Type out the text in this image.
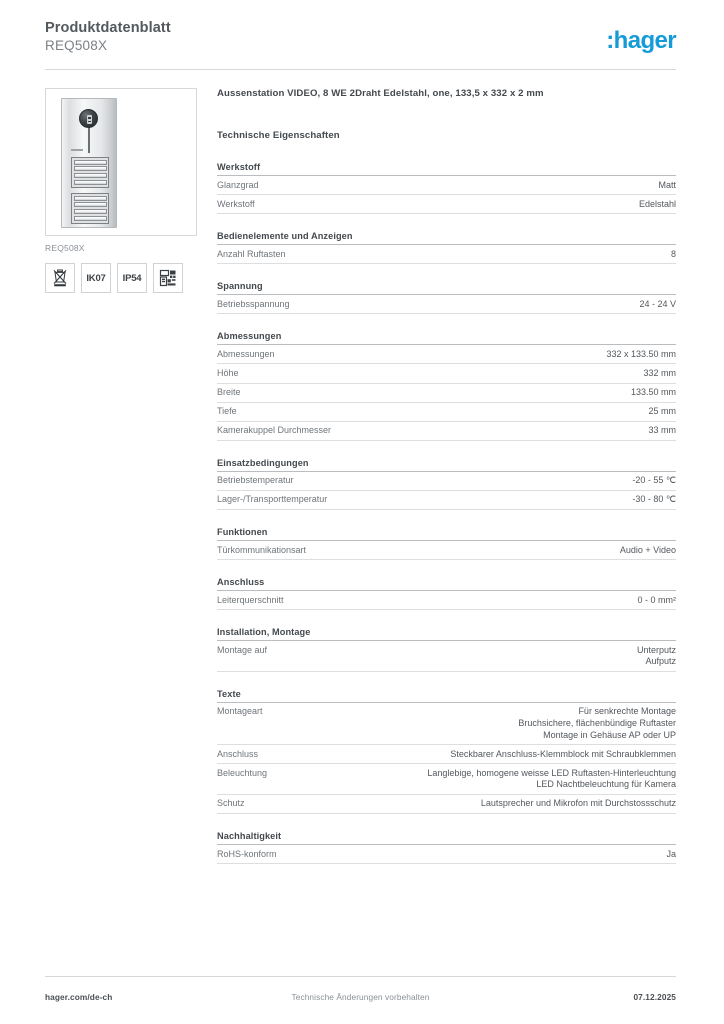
Produktdatenblatt
REQ508X	:hager
REQ508X
IK07	IP54
Aussenstation VIDEO, 8 WE 2Draht Edelstahl, one, 133,5 x 332 x 2 mm
Technische Eigenschaften
Werkstoff
Glanzgrad	Matt
Werkstoff	Edelstahl
Bedienelemente und Anzeigen
Anzahl Ruftasten	8
Spannung
Betriebsspannung	24 - 24 V
Abmessungen
Abmessungen	332 x 133.50 mm
Höhe	332 mm
Breite	133.50 mm
Tiefe	25 mm
Kamerakuppel Durchmesser	33 mm
Einsatzbedingungen
Betriebstemperatur	-20 - 55 ℃
Lager-/Transporttemperatur	-30 - 80 ℃
Funktionen
Türkommunikationsart	Audio + Video
Anschluss
Leiterquerschnitt	0 - 0 mm²
Installation, Montage
Montage auf	Unterputz
Aufputz
Texte
Montageart	Für senkrechte Montage
Bruchsichere, flächenbündige Ruftaster
Montage in Gehäuse AP oder UP
Anschluss	Steckbarer Anschluss-Klemmblock mit Schraubklemmen
Beleuchtung	Langlebige, homogene weisse LED Ruftasten-Hinterleuchtung
LED Nachtbeleuchtung für Kamera
Schutz	Lautsprecher und Mikrofon mit Durchstossschutz
Nachhaltigkeit
RoHS-konform	Ja
hager.com/de-ch	Technische Änderungen vorbehalten	07.12.2025
